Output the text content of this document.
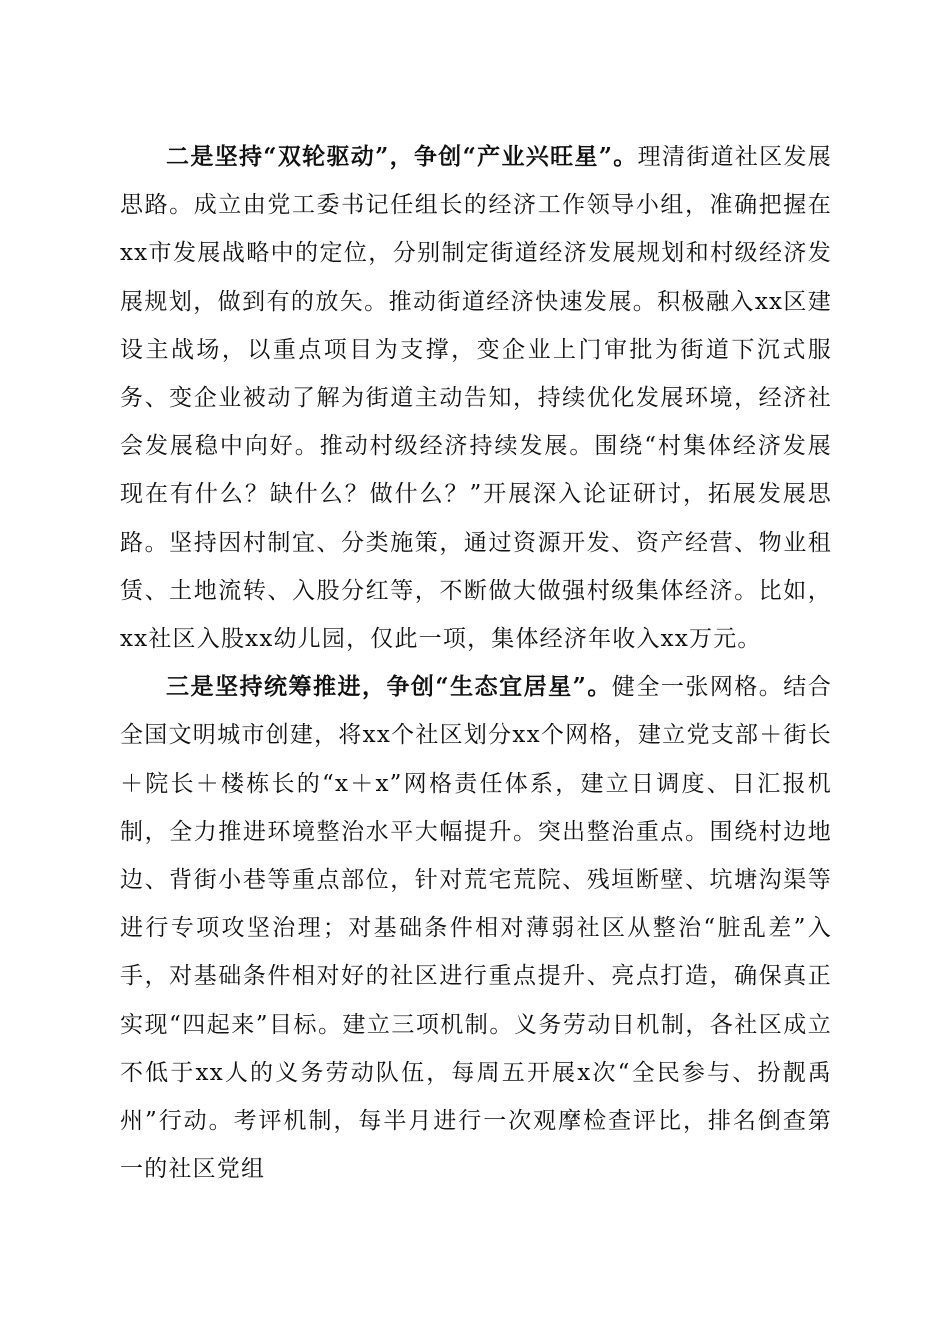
二是坚持“双轮驱动”，争创“产业兴旺星”。理清街道社区发展思路。成立由党工委书记任组长的经济工作领导小组，准确把握在xx市发展战略中的定位，分别制定街道经济发展规划和村级经济发展规划，做到有的放矢。推动街道经济快速发展。积极融入xx区建设主战场，以重点项目为支撑，变企业上门审批为街道下沉式服务、变企业被动了解为街道主动告知，持续优化发展环境，经济社会发展稳中向好。推动村级经济持续发展。围绕“村集体经济发展现在有什么？缺什么？做什么？”开展深入论证研讨，拓展发展思路。坚持因村制宜、分类施策，通过资源开发、资产经营、物业租赁、土地流转、入股分红等，不断做大做强村级集体经济。比如，xx社区入股xx幼儿园，仅此一项，集体经济年收入xx万元。

三是坚持统筹推进，争创“生态宜居星”。健全一张网格。结合全国文明城市创建，将xx个社区划分xx个网格，建立党支部＋街长＋院长＋楼栋长的“x＋x”网格责任体系，建立日调度、日汇报机制，全力推进环境整治水平大幅提升。突出整治重点。围绕村边地边、背街小巷等重点部位，针对荒宅荒院、残垣断壁、坑塘沟渠等进行专项攻坚治理；对基础条件相对薄弱社区从整治“脏乱差”入手，对基础条件相对好的社区进行重点提升、亮点打造，确保真正实现“四起来”目标。建立三项机制。义务劳动日机制，各社区成立不低于xx人的义务劳动队伍，每周五开展x次“全民参与、扮靓禹州”行动。考评机制，每半月进行一次观摩检查评比，排名倒查第一的社区党组
